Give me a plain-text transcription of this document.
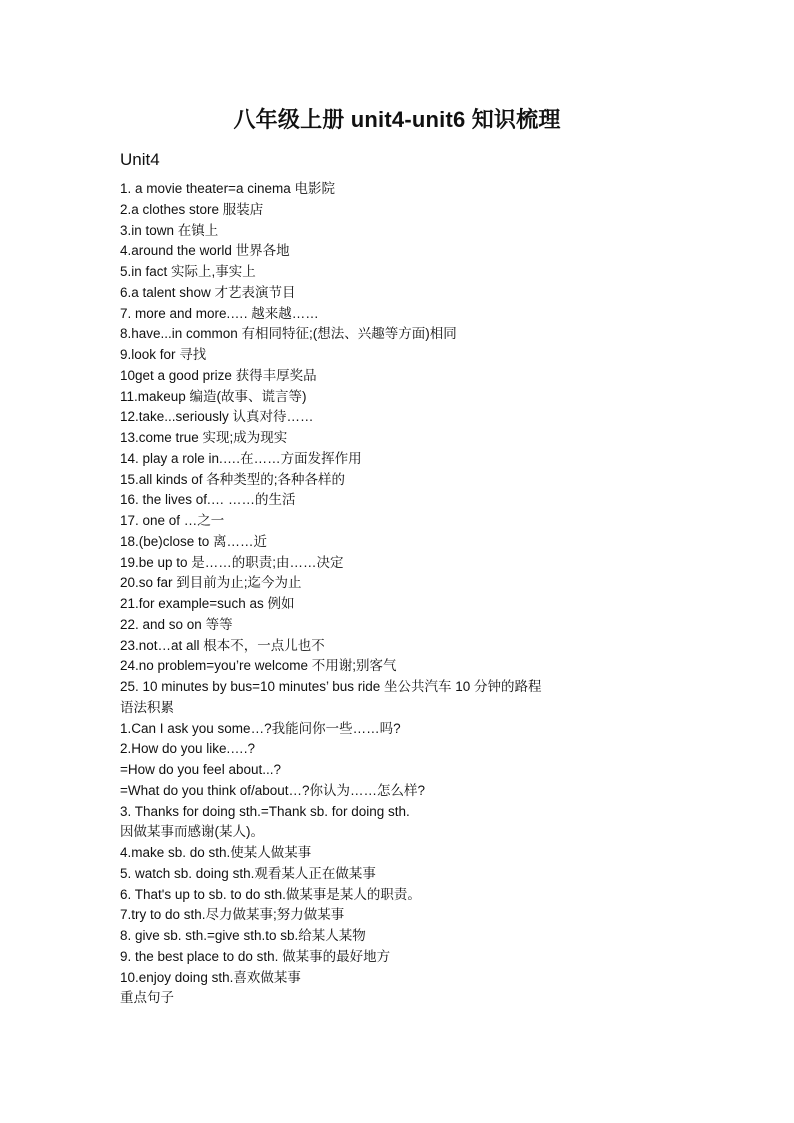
八年级上册 unit4-unit6 知识梳理
Unit4
1. a movie theater=a cinema 电影院
2.a clothes store 服装店
3.in town 在镇上
4.around the world 世界各地
5.in fact 实际上,事实上
6.a talent show 才艺表演节目
7. more and more.…. 越来越……
8.have...in common 有相同特征;(想法、兴趣等方面)相同
9.look for 寻找
10get a good prize 获得丰厚奖品
11.makeup 编造(故事、谎言等)
12.take...seriously 认真对待……
13.come true 实现;成为现实
14. play a role in.….在……方面发挥作用
15.all kinds of 各种类型的;各种各样的
16. the lives of.… ……的生活
17. one of …之一
18.(be)close to 离……近
19.be up to 是……的职责;由……决定
20.so far 到目前为止;迄今为止
21.for example=such as 例如
22. and so on 等等
23.not…at all 根本不，一点儿也不
24.no problem=you’re welcome 不用谢;别客气
25. 10 minutes by bus=10 minutes’ bus ride 坐公共汽车 10 分钟的路程
语法积累
1.Can I ask you some…?我能问你一些……吗?
2.How do you like.….?
=How do you feel about...?
=What do you think of/about…?你认为……怎么样?
3. Thanks for doing sth.=Thank sb. for doing sth.
因做某事而感谢(某人)。
4.make sb. do sth.使某人做某事
5. watch sb. doing sth.观看某人正在做某事
6. That's up to sb. to do sth.做某事是某人的职责。
7.try to do sth.尽力做某事;努力做某事
8. give sb. sth.=give sth.to sb.给某人某物
9. the best place to do sth. 做某事的最好地方
10.enjoy doing sth.喜欢做某事
重点句子
